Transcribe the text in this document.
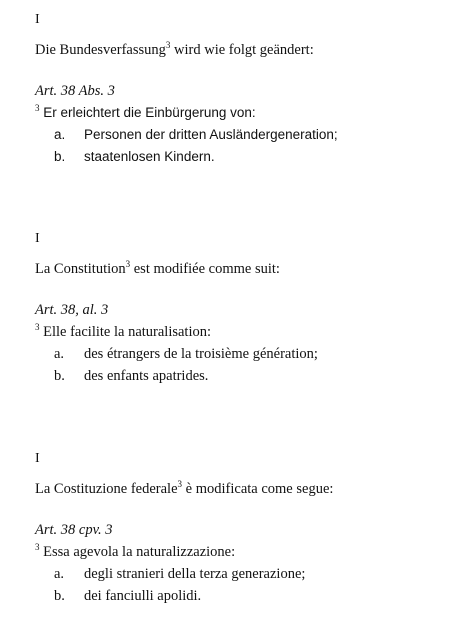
I

Die Bundesverfassung$^3$ wird wie folgt geändert:
Art. 38 Abs. 3
$^3$ Er erleichtert die Einbürgerung von:
a. Personen der dritten Ausländergeneration;
b. staatenlosen Kindern.

I

La Constitution$^3$ est modifiée comme suit:
Art. 38, al. 3
$^3$ Elle facilite la naturalisation:
a. des étrangers de la troisième génération;
b. des enfants apatrides.

I

La Costituzione federale$^3$ è modificata come segue:
Art. 38 cpv. 3
$^3$ Essa agevola la naturalizzazione:
a. degli stranieri della terza generazione;
b. dei fanciulli apolidi.
